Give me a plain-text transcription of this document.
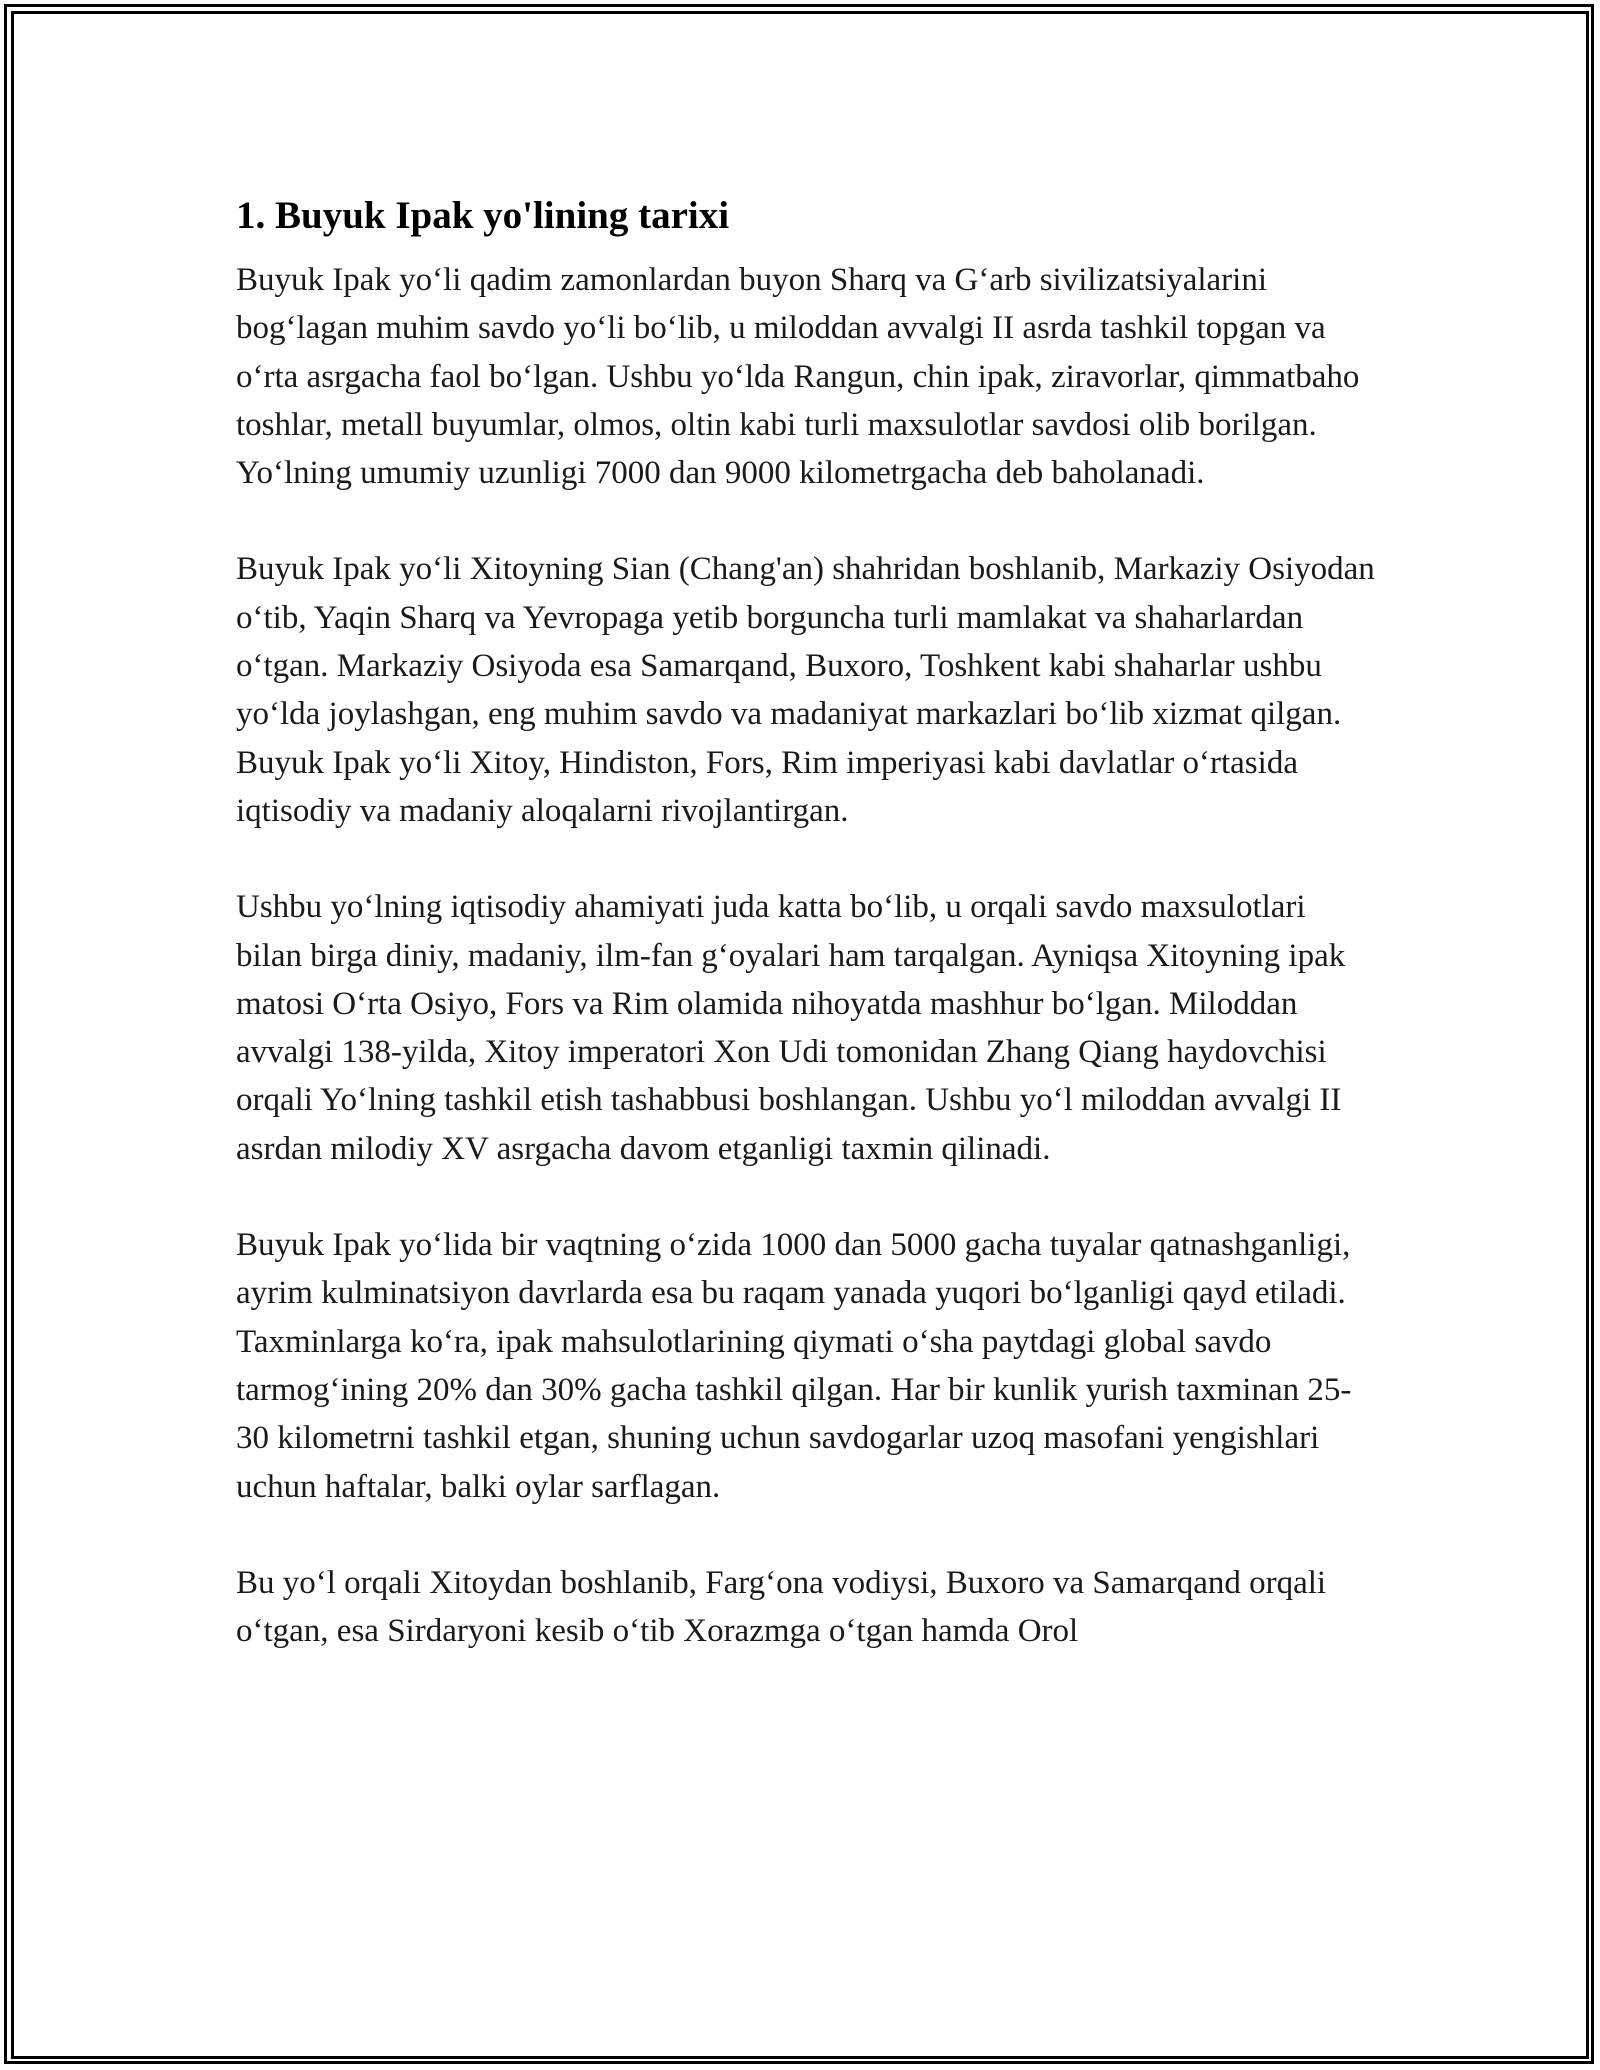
1. Buyuk Ipak yo'lining tarixi

Buyuk Ipak yo‘li qadim zamonlardan buyon Sharq va G‘arb sivilizatsiyalarini bog‘lagan muhim savdo yo‘li bo‘lib, u miloddan avvalgi II asrda tashkil topgan va o‘rta asrgacha faol bo‘lgan. Ushbu yo‘lda Rangun, chin ipak, ziravorlar, qimmatbaho toshlar, metall buyumlar, olmos, oltin kabi turli maxsulotlar savdosi olib borilgan. Yo‘lning umumiy uzunligi 7000 dan 9000 kilometrgacha deb baholanadi.

Buyuk Ipak yo‘li Xitoyning Sian (Chang'an) shahridan boshlanib, Markaziy Osiyodan o‘tib, Yaqin Sharq va Yevropaga yetib borguncha turli mamlakat va shaharlardan o‘tgan. Markaziy Osiyoda esa Samarqand, Buxoro, Toshkent kabi shaharlar ushbu yo‘lda joylashgan, eng muhim savdo va madaniyat markazlari bo‘lib xizmat qilgan. Buyuk Ipak yo‘li Xitoy, Hindiston, Fors, Rim imperiyasi kabi davlatlar o‘rtasida iqtisodiy va madaniy aloqalarni rivojlantirgan.

Ushbu yo‘lning iqtisodiy ahamiyati juda katta bo‘lib, u orqali savdo maxsulotlari bilan birga diniy, madaniy, ilm-fan g‘oyalari ham tarqalgan. Ayniqsa Xitoyning ipak matosi O‘rta Osiyo, Fors va Rim olamida nihoyatda mashhur bo‘lgan. Miloddan avvalgi 138-yilda, Xitoy imperatori Xon Udi tomonidan Zhang Qiang haydovchisi orqali Yo‘lning tashkil etish tashabbusi boshlangan. Ushbu yo‘l miloddan avvalgi II asrdan milodiy XV asrgacha davom etganligi taxmin qilinadi.

Buyuk Ipak yo‘lida bir vaqtning o‘zida 1000 dan 5000 gacha tuyalar qatnashganligi, ayrim kulminatsiyon davrlarda esa bu raqam yanada yuqori bo‘lganligi qayd etiladi. Taxminlarga ko‘ra, ipak mahsulotlarining qiymati o‘sha paytdagi global savdo tarmog‘ining 20% dan 30% gacha tashkil qilgan. Har bir kunlik yurish taxminan 25-30 kilometrni tashkil etgan, shuning uchun savdogarlar uzoq masofani yengishlari uchun haftalar, balki oylar sarflagan.

Bu yo‘l orqali Xitoydan boshlanib, Farg‘ona vodiysi, Buxoro va Samarqand orqali o‘tgan, esa Sirdaryoni kesib o‘tib Xorazmga o‘tgan hamda Orol
